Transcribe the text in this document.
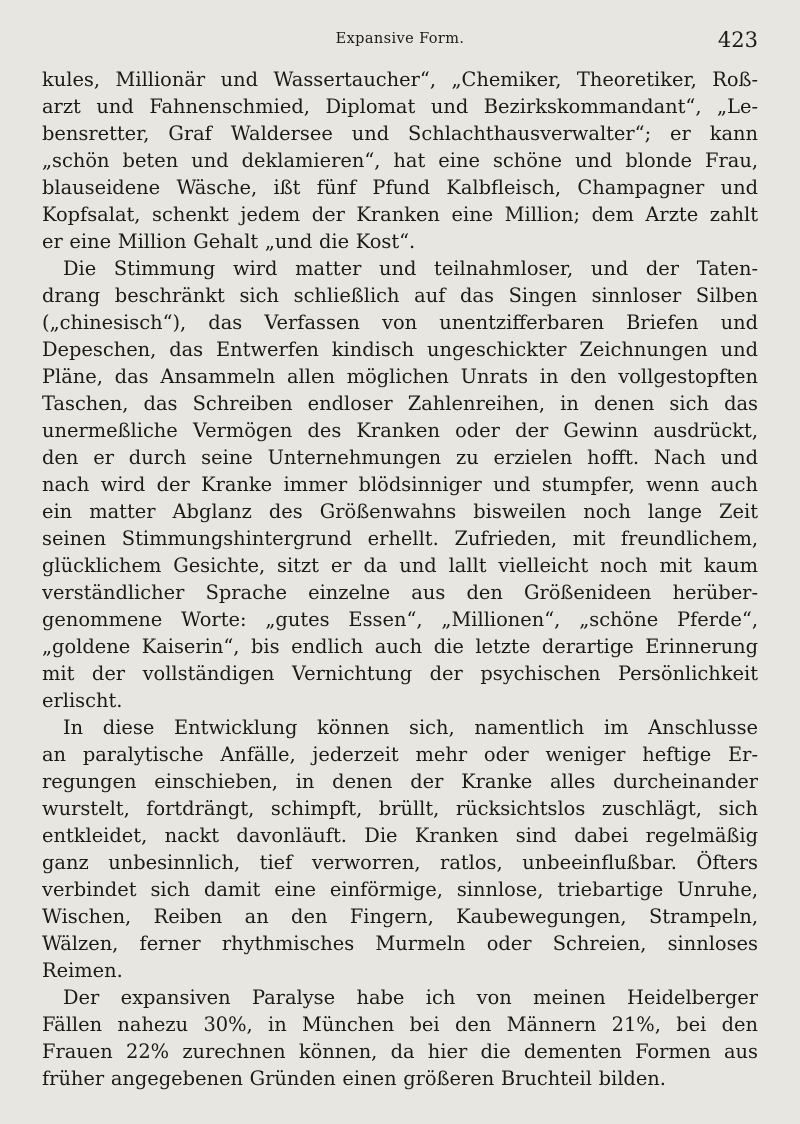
Expansive Form.	423

kules, Millionär und Wassertaucher“, „Chemiker, Theoretiker, Roß-
arzt und Fahnenschmied, Diplomat und Bezirkskommandant“, „Le-
bensretter, Graf Waldersee und Schlachthausverwalter“; er kann
„schön beten und deklamieren“, hat eine schöne und blonde Frau,
blauseidene Wäsche, ißt fünf Pfund Kalbfleisch, Champagner und
Kopfsalat, schenkt jedem der Kranken eine Million; dem Arzte zahlt
er eine Million Gehalt „und die Kost“.

Die Stimmung wird matter und teilnahmloser, und der Taten-
drang beschränkt sich schließlich auf das Singen sinnloser Silben
(„chinesisch“), das Verfassen von unentzifferbaren Briefen und
Depeschen, das Entwerfen kindisch ungeschickter Zeichnungen und
Pläne, das Ansammeln allen möglichen Unrats in den vollgestopften
Taschen, das Schreiben endloser Zahlenreihen, in denen sich das
unermeßliche Vermögen des Kranken oder der Gewinn ausdrückt,
den er durch seine Unternehmungen zu erzielen hofft. Nach und
nach wird der Kranke immer blödsinniger und stumpfer, wenn auch
ein matter Abglanz des Größenwahns bisweilen noch lange Zeit
seinen Stimmungshintergrund erhellt. Zufrieden, mit freundlichem,
glücklichem Gesichte, sitzt er da und lallt vielleicht noch mit kaum
verständlicher Sprache einzelne aus den Größenideen herüber-
genommene Worte: „gutes Essen“, „Millionen“, „schöne Pferde“,
„goldene Kaiserin“, bis endlich auch die letzte derartige Erinnerung
mit der vollständigen Vernichtung der psychischen Persönlichkeit
erlischt.

In diese Entwicklung können sich, namentlich im Anschlusse
an paralytische Anfälle, jederzeit mehr oder weniger heftige Er-
regungen einschieben, in denen der Kranke alles durcheinander
wurstelt, fortdrängt, schimpft, brüllt, rücksichtslos zuschlägt, sich
entkleidet, nackt davonläuft. Die Kranken sind dabei regelmäßig
ganz unbesinnlich, tief verworren, ratlos, unbeeinflußbar. Öfters
verbindet sich damit eine einförmige, sinnlose, triebartige Unruhe,
Wischen, Reiben an den Fingern, Kaubewegungen, Strampeln,
Wälzen, ferner rhythmisches Murmeln oder Schreien, sinnloses
Reimen.

Der expansiven Paralyse habe ich von meinen Heidelberger
Fällen nahezu 30%, in München bei den Männern 21%, bei den
Frauen 22% zurechnen können, da hier die dementen Formen aus
früher angegebenen Gründen einen größeren Bruchteil bilden.
